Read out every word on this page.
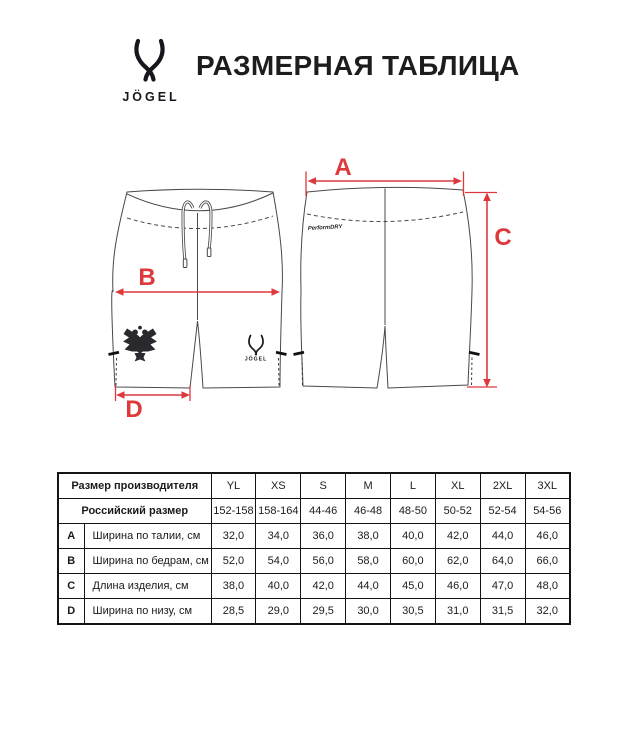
JÖGEL
РАЗМЕРНАЯ ТАБЛИЦА
JÖGEL
PerformDRY
A
B
C
D
Размер производителя		YL	XS	S	M	L	XL	2XL	3XL
Российский размер		152-158	158-164	44-46	46-48	48-50	50-52	52-54	54-56
A	Ширина по талии, см	32,0	34,0	36,0	38,0	40,0	42,0	44,0	46,0
B	Ширина по бедрам, см	52,0	54,0	56,0	58,0	60,0	62,0	64,0	66,0
C	Длина изделия, см	38,0	40,0	42,0	44,0	45,0	46,0	47,0	48,0
D	Ширина по низу, см	28,5	29,0	29,5	30,0	30,5	31,0	31,5	32,0
